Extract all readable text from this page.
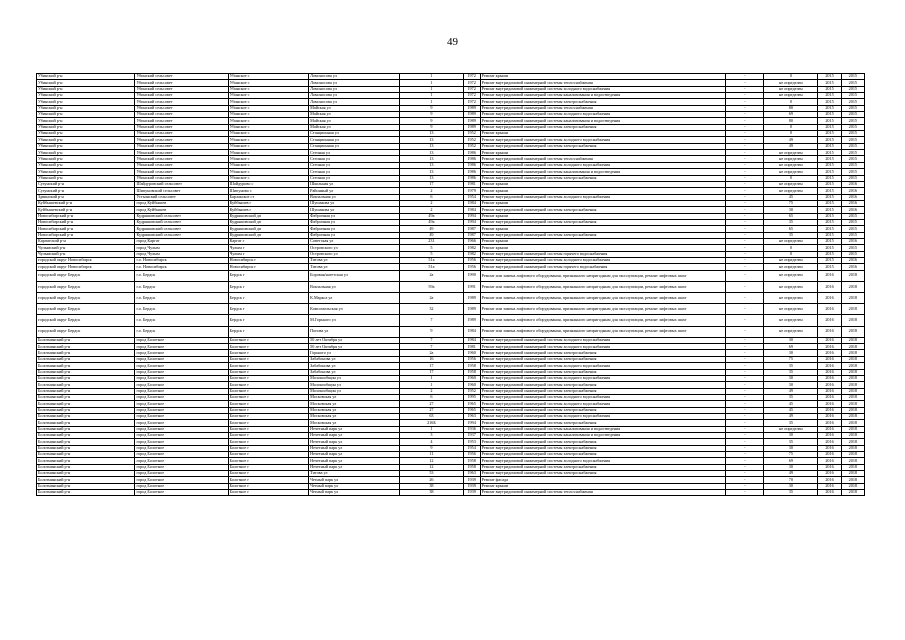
49
Убинский р-н	Убинский сельсовет	Убинское с	Ломоносова ул	1	1972	Ремонт крыши	-	0	2015	2015
Убинский р-н	Убинский сельсовет	Убинское с	Ломоносова ул	1	1972	Ремонт внутридомовой инженерной системы теплоснабжения	-	не определен	2015	2015
Убинский р-н	Убинский сельсовет	Убинское с	Ломоносова ул	1	1972	Ремонт внутридомовой инженерной системы холодного водоснабжения	-	не определен	2015	2015
Убинский р-н	Убинский сельсовет	Убинское с	Ломоносова ул	1	1972	Ремонт внутридомовой инженерной системы канализования и водоотведения	-	не определен	2015	2015
Убинский р-н	Убинский сельсовет	Убинское с	Ломоносова ул	1	1972	Ремонт внутридомовой инженерной системы электроснабжения	-	0	2015	2015
Убинский р-н	Убинский сельсовет	Убинское с	Майская ул	9	1989	Ремонт внутридомовой инженерной системы теплоснабжения	-	80	2015	2015
Убинский р-н	Убинский сельсовет	Убинское с	Майская ул	9	1989	Ремонт внутридомовой инженерной системы холодного водоснабжения	-	69	2015	2015
Убинский р-н	Убинский сельсовет	Убинское с	Майская ул	9	1989	Ремонт внутридомовой инженерной системы канализования и водоотведения	-	80	2015	2015
Убинский р-н	Убинский сельсовет	Убинское с	Майская ул	9	1989	Ремонт внутридомовой инженерной системы электроснабжения	-	0	2015	2015
Убинский р-н	Убинский сельсовет	Убинское с	Станционная ул	13	1952	Ремонт крыши	-	0	2015	2015
Убинский р-н	Убинский сельсовет	Убинское с	Станционная ул	13	1952	Ремонт внутридомовой инженерной системы холодного водоснабжения	-	49	2015	2015
Убинский р-н	Убинский сельсовет	Убинское с	Станционная ул	13	1952	Ремонт внутридомовой инженерной системы электроснабжения	-	49	2015	2015
Убинский р-н	Убинский сельсовет	Убинское с	Степная ул	13	1986	Ремонт крыши	-	не определен	2015	2015
Убинский р-н	Убинский сельсовет	Убинское с	Степная ул	13	1986	Ремонт внутридомовой инженерной системы теплоснабжения	-	не определен	2015	2015
Убинский р-н	Убинский сельсовет	Убинское с	Степная ул	13	1986	Ремонт внутридомовой инженерной системы холодного водоснабжения	-	не определен	2015	2015
Убинский р-н	Убинский сельсовет	Убинское с	Степная ул	13	1986	Ремонт внутридомовой инженерной системы канализования и водоотведения	-	не определен	2015	2015
Убинский р-н	Убинский сельсовет	Убинское с	Степная ул	13	1986	Ремонт внутридомовой инженерной системы электроснабжения	-	0	2015	2015
Сузунский р-н	Шайдуровский сельсовет	Шайдурово с	Школьная ул	17	1981	Ремонт крыши	-	не определен	2015	2016
Сузунский р-н	Шипуновский сельсовет	Шипуново с	Районный ул	2	1979	Ремонт крыши	-	не определен	2015	2016
Здвинский р-н	Устьинский сельсовет	Барлакское ст	Вокзальная ул	6	1954	Ремонт внутридомовой инженерной системы холодного водоснабжения	-	45	2015	2016
Куйбышевский р-н	город Куйбышев	Куйбышев г	Шушакова ул	2	1984	Ремонт крыши	-	75	2015	2016
Куйбышевский р-н	город Куйбышев	Куйбышев г	Шушакова ул	2	1984	Ремонт внутридомовой инженерной системы электроснабжения	-	30	2015	2016
Новосибирский р-н	Кудряшовский сельсовет	Кудряшовский дп	Фабричная ул	49а	1994	Ремонт крыши	-	65	2015	2015
Новосибирский р-н	Кудряшовский сельсовет	Кудряшовский дп	Фабричная ул	49а	1994	Ремонт внутридомовой инженерной системы электроснабжения	-	35	2015	2015
Новосибирский р-н	Кудряшовский сельсовет	Кудряшовский дп	Фабричная ул	49	1987	Ремонт крыши	-	65	2015	2015
Новосибирский р-н	Кудряшовский сельсовет	Кудряшовский дп	Фабричная ул	49	1987	Ремонт внутридомовой инженерной системы электроснабжения	-	35	2015	2015
Карпатский р-н	город Каргат	Каргат г	Советская ул	231	1966	Ремонт крыши	-	не определен	2015	2016
Чулымский р-н	город Чулым	Чулым г	Островского ул	5	1982	Ремонт крыши	-	0	2015	2015
Чулымский р-н	город Чулым	Чулым г	Островского ул	5	1982	Ремонт внутридомовой инженерной системы горячего водоснабжения	-	0	2015	2015
городской округ Новосибирск	г.о. Новосибирск	Новосибирск г	Титова ул	51а	1956	Ремонт внутридомовой инженерной системы холодного водоснабжения	-	не определен	2015	2016
городской округ Новосибирск	г.о. Новосибирск	Новосибирск г	Титова ул	51а	1956	Ремонт внутридомовой инженерной системы горячего водоснабжения	-	не определен	2015	2016
городской округ Бердск	г.о. Бердск	Бердск г	Боровая/нагетская ул	2а	1990	Ремонт или замена лифтового оборудования, признанного непригодным для эксплуатации, ремонт лифтовых шахт	-	не определен	2016	2018
городской округ Бердск	г.о. Бердск	Бердск г	Вокзальная ул	59а	1991	Ремонт или замена лифтового оборудования, признанного непригодным для эксплуатации, ремонт лифтовых шахт	-	не определен	2016	2018
городской округ Бердск	г.о. Бердск	Бердск г	К.Маркса ул	2а	1989	Ремонт или замена лифтового оборудования, признанного непригодным для эксплуатации, ремонт лифтовых шахт	-	не определен	2016	2018
городской округ Бердск	г.о. Бердск	Бердск г	Комсомольская ул	32	1989	Ремонт или замена лифтового оборудования, признанного непригодным для эксплуатации, ремонт лифтовых шахт	-	не определен	2016	2018
городской округ Бердск	г.о. Бердск	Бердск г	М.Горького ул	7	1989	Ремонт или замена лифтового оборудования, признанного непригодным для эксплуатации, ремонт лифтовых шахт	-	не определен	2016	2018
городской округ Бердск	г.о. Бердск	Бердск г	Попова ул	9	1984	Ремонт или замена лифтового оборудования, признанного непригодным для эксплуатации, ремонт лифтовых шахт	-	не определен	2016	2018
Болотнинский р-н	город Болотное	Болотное г	50 лет Октября ул	7	1984	Ремонт внутридомовой инженерной системы холодного водоснабжения	-	30	2016	2018
Болотнинский р-н	город Болотное	Болотное г	50 лет Октября ул	7	1981	Ремонт внутридомовой инженерной системы холодного водоснабжения	-	69	2016	2018
Болотнинский р-н	город Болотное	Болотное г	Горького ул	2а	1960	Ремонт внутридомовой инженерной системы электроснабжения	-	30	2016	2018
Болотнинский р-н	город Болотное	Болотное г	Забабонова ул	16	1956	Ремонт внутридомовой инженерной системы электроснабжения	-	75	2016	2018
Болотнинский р-н	город Болотное	Болотное г	Забабонова ул	17	1958	Ремонт внутридомовой инженерной системы холодного водоснабжения	-	35	2016	2018
Болотнинский р-н	город Болотное	Болотное г	Забабонова ул	17	1958	Ремонт внутридомовой инженерной системы электроснабжения	-	35	2016	2018
Болотнинский р-н	город Болотное	Болотное г	Молокообщин ул	1	1960	Ремонт внутридомовой инженерной системы холодного водоснабжения	-	30	2016	2018
Болотнинский р-н	город Болотное	Болотное г	Молокообщин ул	1	1960	Ремонт внутридомовой инженерной системы электроснабжения	-	30	2016	2018
Болотнинский р-н	город Болотное	Болотное г	Молокообщин ул	2	1952	Ремонт внутридомовой инженерной системы электроснабжения	-	49	2016	2018
Болотнинский р-н	город Болотное	Болотное г	Московская ул	6	1995	Ремонт внутридомовой инженерной системы холодного водоснабжения	-	35	2016	2018
Болотнинский р-н	город Болотное	Болотное г	Московская ул	27	1965	Ремонт внутридомовой инженерной системы холодного водоснабжения	-	45	2016	2018
Болотнинский р-н	город Болотное	Болотное г	Московская ул	27	1965	Ремонт внутридомовой инженерной системы электроснабжения	-	45	2016	2018
Болотнинский р-н	город Болотное	Болотное г	Московская ул	63	1963	Ремонт внутридомовой инженерной системы холодного водоснабжения	-	49	2016	2018
Болотнинский р-н	город Болотное	Болотное г	Московская ул	216Б	1994	Ремонт внутридомовой инженерной системы электроснабжения	-	35	2016	2018
Болотнинский р-н	город Болотное	Болотное г	Нечетный парк ул	1	1936	Ремонт внутридомовой инженерной системы канализования и водоотведения	-	не определен	2016	2018
Болотнинский р-н	город Болотное	Болотное г	Нечетный парк ул	3	1937	Ремонт внутридомовой инженерной системы канализования и водоотведения	-	30	2016	2018
Болотнинский р-н	город Болотное	Болотное г	Нечетный парк ул	4	1953	Ремонт внутридомовой инженерной системы электроснабжения	-	35	2016	2018
Болотнинский р-н	город Болотное	Болотное г	Нечетный парк ул	9	1954	Ремонт внутридомовой инженерной системы электроснабжения	-	30	2016	2018
Болотнинский р-н	город Болотное	Болотное г	Нечетный парк ул	11	1956	Ремонт внутридомовой инженерной системы электроснабжения	-	75	2016	2018
Болотнинский р-н	город Болотное	Болотное г	Нечетный парк ул	12	1958	Ремонт внутридомовой инженерной системы холодного водоснабжения	-	69	2016	2018
Болотнинский р-н	город Болотное	Болотное г	Нечетный парк ул	12	1958	Ремонт внутридомовой инженерной системы электроснабжения	-	30	2016	2018
Болотнинский р-н	город Болотное	Болотное г	Титова ул	53	1963	Ремонт внутридомовой инженерной системы электроснабжения	-	49	2016	2018
Болотнинский р-н	город Болотное	Болотное г	Четный парк ул	26	1939	Ремонт фасада	-	70	2016	2018
Болотнинский р-н	город Болотное	Болотное г	Четный парк ул	38	1939	Ремонт крыши	-	30	2016	2018
Болотнинский р-н	город Болотное	Болотное г	Четный парк ул	38	1939	Ремонт внутридомовой инженерной системы теплоснабжения	-	35	2016	2018
